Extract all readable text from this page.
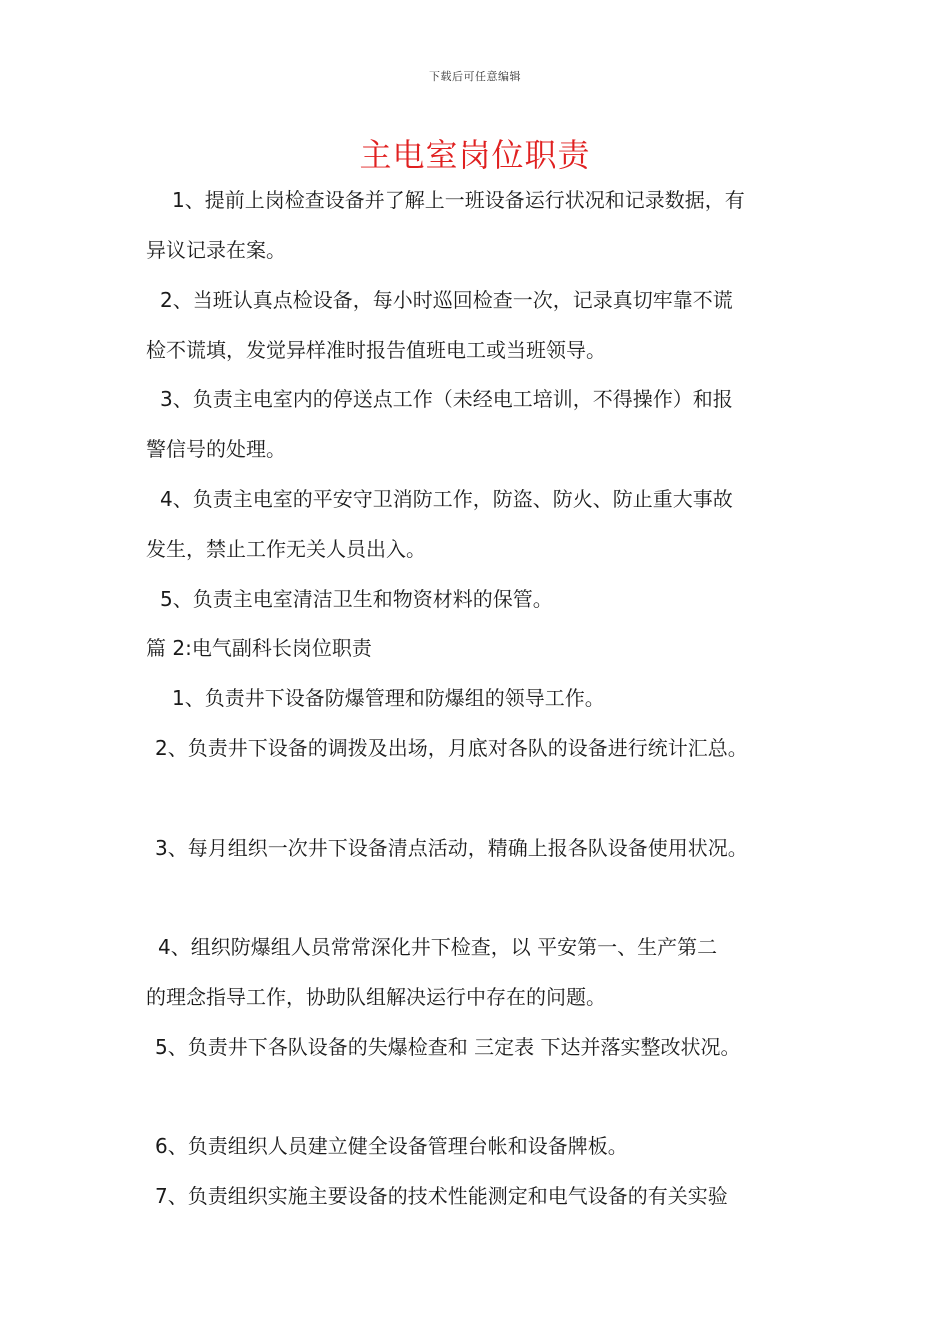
下载后可任意编辑
主电室岗位职责
1、提前上岗检查设备并了解上一班设备运行状况和记录数据，有
异议记录在案。
2、当班认真点检设备，每小时巡回检查一次，记录真切牢靠不谎
检不谎填，发觉异样准时报告值班电工或当班领导。
3、负责主电室内的停送点工作（未经电工培训，不得操作）和报
警信号的处理。
4、负责主电室的平安守卫消防工作，防盗、防火、防止重大事故
发生，禁止工作无关人员出入。
5、负责主电室清洁卫生和物资材料的保管。
篇 2:电气副科长岗位职责
1、负责井下设备防爆管理和防爆组的领导工作。
2、负责井下设备的调拨及出场，月底对各队的设备进行统计汇总。
3、每月组织一次井下设备清点活动，精确上报各队设备使用状况。
4、组织防爆组人员常常深化井下检查，以 平安第一、生产第二
的理念指导工作，协助队组解决运行中存在的问题。
5、负责井下各队设备的失爆检查和 三定表 下达并落实整改状况。
6、负责组织人员建立健全设备管理台帐和设备牌板。
7、负责组织实施主要设备的技术性能测定和电气设备的有关实验
